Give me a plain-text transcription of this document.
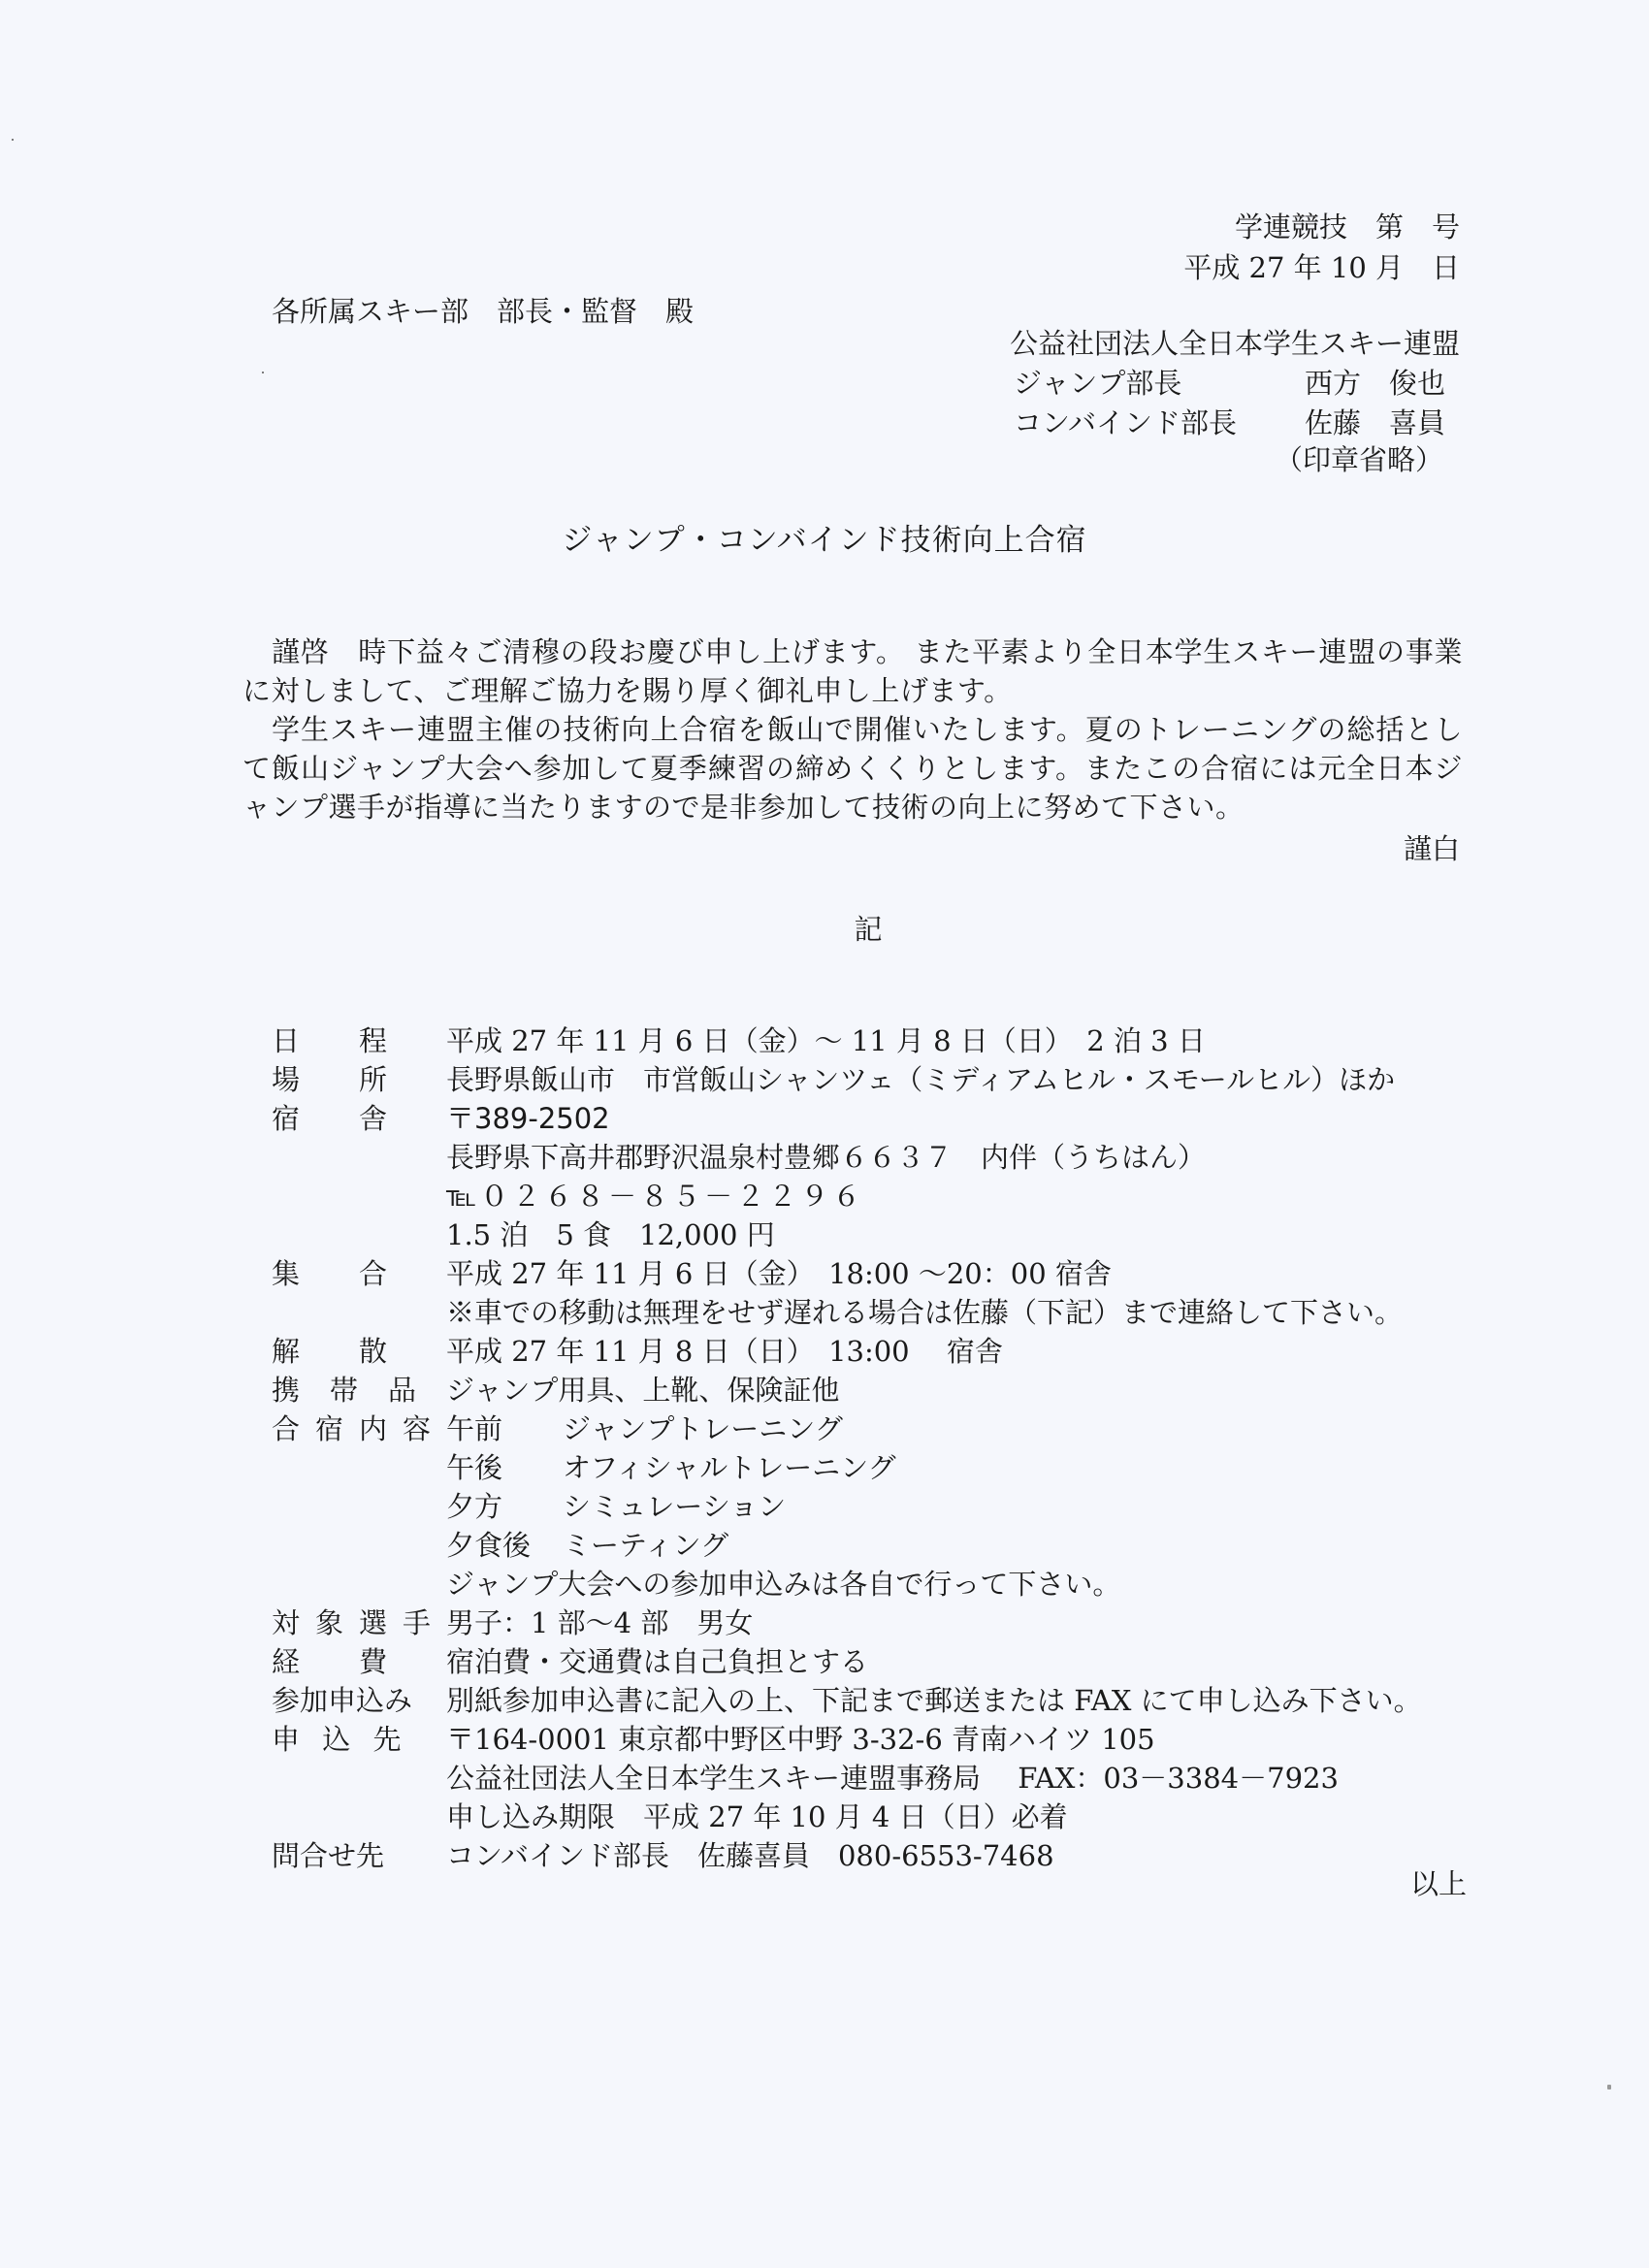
学連競技　第　号
平成 27 年 10 月　日
各所属スキー部　部長・監督　殿
公益社団法人全日本学生スキー連盟
ジャンプ部長	西方　俊也
コンバインド部長 佐藤　喜員
（印章省略）
ジャンプ・コンバインド技術向上合宿

謹啓　時下益々ご清穆の段お慶び申し上げます。 また平素より全日本学生スキー連盟の事業に対しまして、ご理解ご協力を賜り厚く御礼申し上げます。

学生スキー連盟主催の技術向上合宿を飯山で開催いたします。夏のトレーニングの総括として飯山ジャンプ大会へ参加して夏季練習の締めくくりとします。またこの合宿には元全日本ジャンプ選手が指導に当たりますので是非参加して技術の向上に努めて下さい。

謹白
記
日 程 平成 27 年 11 月 6 日（金）～ 11 月 8 日（日）　2 泊 3 日
場 所 長野県飯山市　市営飯山シャンツェ（ミディアムヒル・スモールヒル）ほか
宿 舎 〒389-2502
長野県下高井郡野沢温泉村豊郷６６３７　内伴（うちはん）
℡０２６８－８５－２２９６
1.5 泊　5 食　12,000 円
集 合 平成 27 年 11 月 6 日（金）　18:00 ～20：00 宿舎
※車での移動は無理をせず遅れる場合は佐藤（下記）まで連絡して下さい。
解 散 平成 27 年 11 月 8 日（日）　13:00　 宿舎
携 帯 品 ジャンプ用具、上靴、保険証他
合 宿 内 容 午前 ジャンプトレーニング
午後 オフィシャルトレーニング
夕方 シミュレーション
夕食後 ミーティング
ジャンプ大会への参加申込みは各自で行って下さい。
対 象 選 手 男子：1 部～4 部　男女
経 費 宿泊費・交通費は自己負担とする
参加申込み 別紙参加申込書に記入の上、下記まで郵送または FAX にて申し込み下さい。
申 込 先 〒164-0001 東京都中野区中野 3-32-6 青南ハイツ 105
公益社団法人全日本学生スキー連盟事務局　 FAX：03－3384－7923
申し込み期限　平成 27 年 10 月 4 日（日）必着
問合せ先 コンバインド部長　佐藤喜員　080-6553-7468
以上
